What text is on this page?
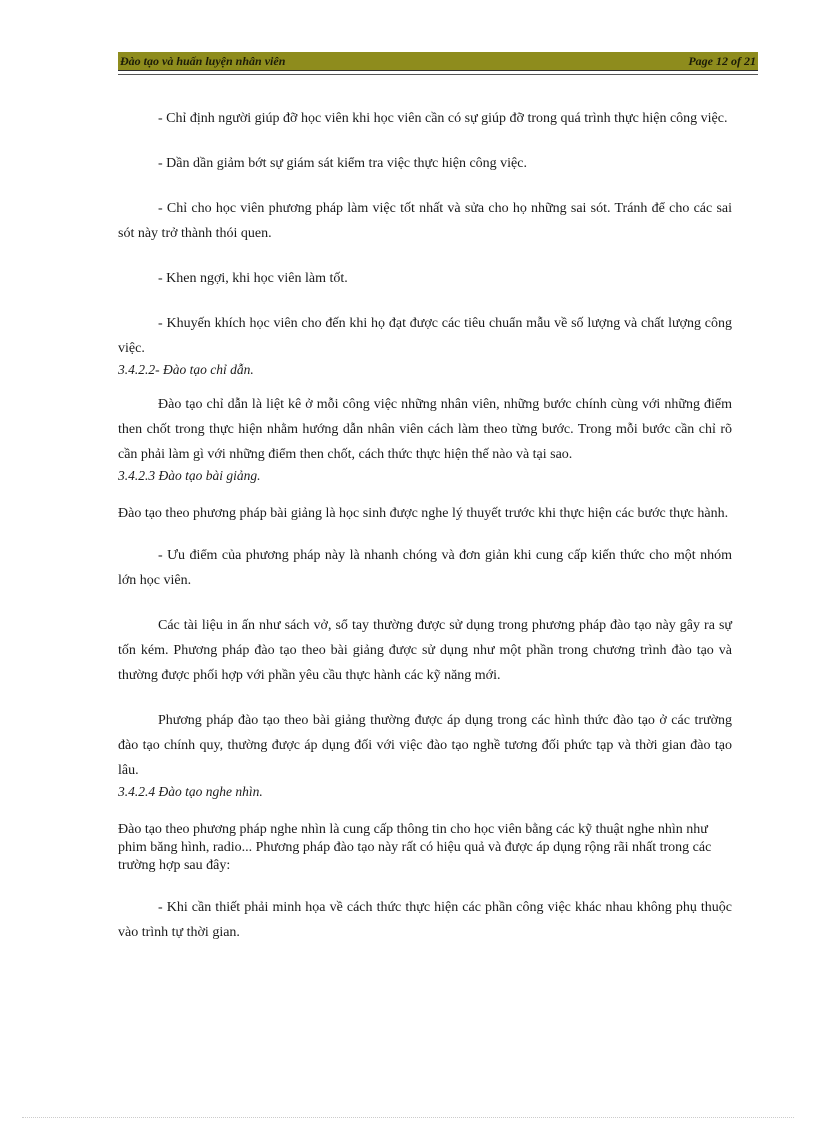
Đào tạo và huấn luyện nhân viên	Page 12 of 21

- Chỉ định người giúp đỡ học viên khi học viên cần có sự giúp đỡ trong quá trình thực hiện công việc.

- Dần dần giảm bớt sự giám sát kiểm tra việc thực hiện công việc.

- Chỉ cho học viên phương pháp làm việc tốt nhất và sửa cho họ những sai sót. Tránh để cho các sai sót này trở thành thói quen.

- Khen ngợi, khi học viên làm tốt.

- Khuyến khích học viên cho đến khi họ đạt được các tiêu chuẩn mẫu về số lượng và chất lượng công việc.

3.4.2.2- Đào tạo chỉ dẫn.

Đào tạo chỉ dẫn là liệt kê ở mỗi công việc những nhân viên, những bước chính cùng với những điểm then chốt trong thực hiện nhằm hướng dẫn nhân viên cách làm theo từng bước. Trong mỗi bước cần chỉ rõ cần phải làm gì với những điểm then chốt, cách thức thực hiện thế nào và tại sao.

3.4.2.3 Đào tạo bài giảng.

Đào tạo theo phương pháp bài giảng là học sinh được nghe lý thuyết trước khi thực hiện các bước thực hành.

- Ưu điểm của phương pháp này là nhanh chóng và đơn giản khi cung cấp kiến thức cho một nhóm lớn học viên.

Các tài liệu in ấn như sách vở, sổ tay thường được sử dụng trong phương pháp đào tạo này gây ra sự tốn kém. Phương pháp đào tạo theo bài giảng được sử dụng như một phần trong chương trình đào tạo và thường được phối hợp với phần yêu cầu thực hành các kỹ năng mới.

Phương pháp đào tạo theo bài giảng thường được áp dụng trong các hình thức đào tạo ở các trường đào tạo chính quy, thường được áp dụng đối với việc đào tạo nghề tương đối phức tạp và thời gian đào tạo lâu.

3.4.2.4 Đào tạo nghe nhìn.

Đào tạo theo phương pháp nghe nhìn là cung cấp thông tin cho học viên bằng các kỹ thuật nghe nhìn như phim băng hình, radio... Phương pháp đào tạo này rất có hiệu quả và được áp dụng rộng rãi nhất trong các trường hợp sau đây:

- Khi cần thiết phải minh họa về cách thức thực hiện các phần công việc khác nhau không phụ thuộc vào trình tự thời gian.
